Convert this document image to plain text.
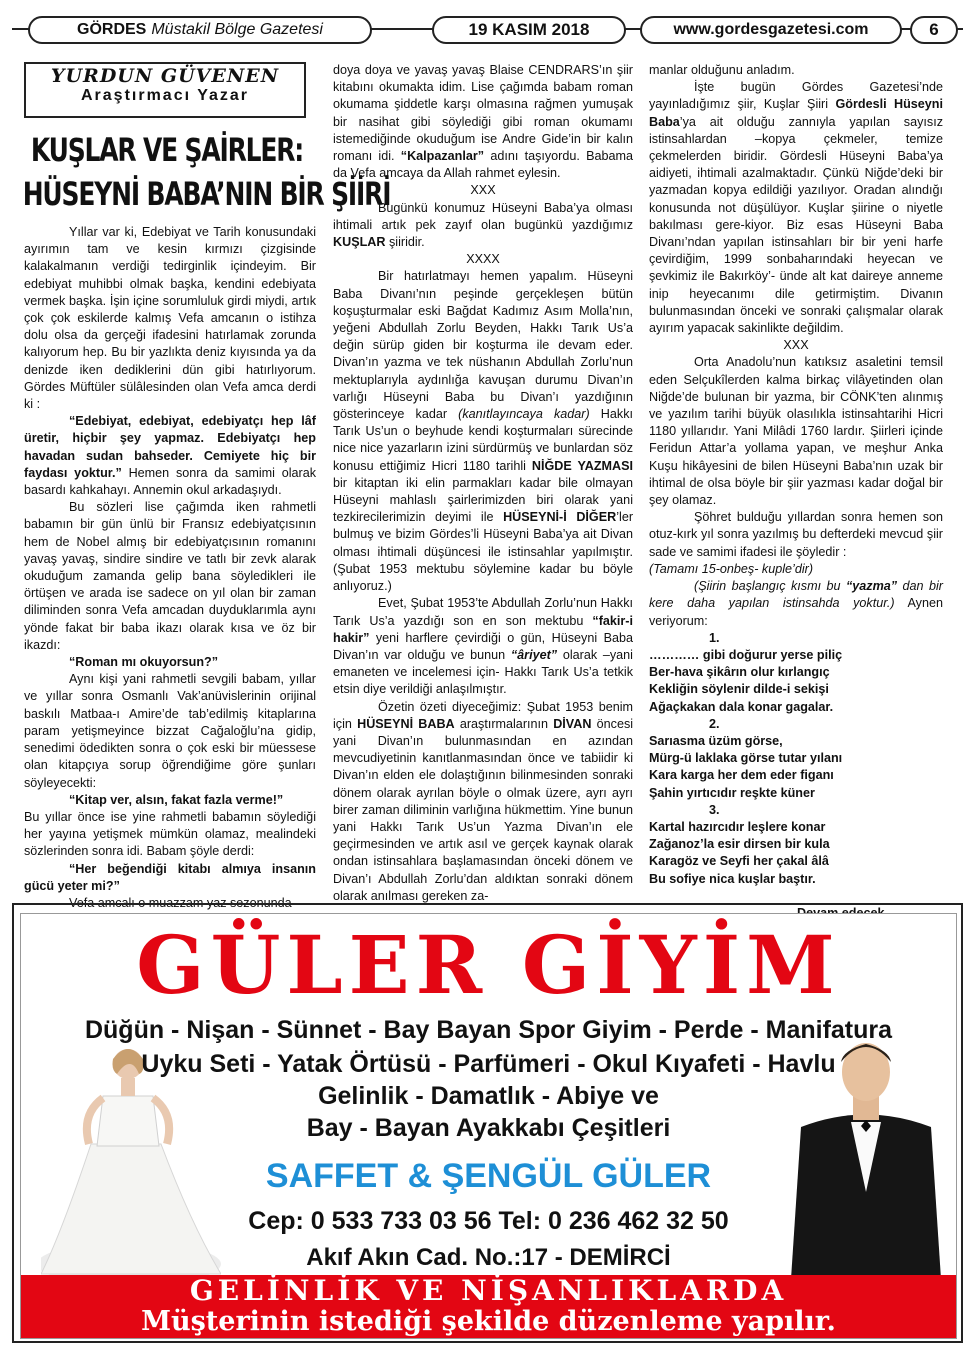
GÖRDES Müstakil Bölge Gazetesi	19 KASIM 2018	www.gordesgazetesi.com	6
YURDUN GÜVENEN
Araştırmacı Yazar
KUŞLAR VE ŞAİRLER:
HÜSEYNİ BABA’NIN BİR ŞİİRİ

Yıllar var ki, Edebiyat ve Tarih konusundaki ayırımın tam ve kesin kırmızı çizgisinde kalakalmanın verdiği tedirginlik içindeyim. Bir edebiyat muhibbi olmak başka, kendini edebiyata vermek başka. İşin içine sorumluluk girdi miydi, artık çok çok eskilerde kalmış Vefa amcanın o istihza dolu olsa da gerçeği ifadesini hatırlamak zorunda kalıyorum hep. Bu bir yazlıkta deniz kıyısında ya da denizde iken dediklerini dün gibi hatırlıyorum. Gördes Müftüler sülâlesinden olan Vefa amca derdi ki :

“Edebiyat, edebiyat, edebiyatçı hep lâf üretir, hiçbir şey yapmaz. Edebiyatçı hep havadan sudan bahseder. Cemiyete hiç bir faydası yoktur.” Hemen sonra da samimi olarak basardı kahkahayı. Annemin okul arkadaşıydı.

Bu sözleri lise çağımda iken rahmetli babamın bir gün ünlü bir Fransız edebiyatçısının hem de Nobel almış bir edebiyatçısının romanını yavaş yavaş, sindire sindire ve tatlı bir zevk alarak okuduğum zamanda gelip bana söyledikleri ile örtüşen ve arada ise sadece on yıl olan bir zaman diliminden sonra Vefa amcadan duyduklarımla aynı yönde fakat bir baba ikazı olarak kısa ve öz bir ikazdı:

“Roman mı okuyorsun?”

Aynı kişi yani rahmetli sevgili babam, yıllar ve yıllar sonra Osmanlı Vak’anüvislerinin orijinal baskılı Matbaa-ı Amire’de tab’edilmiş kitaplarına param yetişmeyince bizzat Cağaloğlu’na gidip, senedimi ödedikten sonra o çok eski bir müessese olan kitapçıya sorup öğrendiğime göre şunları söyleyecekti:

“Kitap ver, alsın, fakat fazla verme!”

Bu yıllar önce ise yine rahmetli babamın söylediği her yayına yetişmek mümkün olamaz, mealindeki sözlerinden sonra idi. Babam şöyle derdi:

“Her beğendiği kitabı almıya insanın gücü yeter mi?”

Vefa amcalı o muazzam yaz sezonunda

doya doya ve yavaş yavaş Blaise CENDRARS’ın şiir kitabını okumakta idim. Lise çağımda babam roman okumama şiddetle karşı olmasına rağmen yumuşak bir nasihat gibi söylediği gibi roman okumamı istemediğinde okuduğum ise Andre Gide’in bir kalın romanı idi. “Kalpazanlar” adını taşıyordu. Babama da Vefa amcaya da Allah rahmet eylesin.

XXX

Bugünkü konumuz Hüseyni Baba’ya olması ihtimali artık pek zayıf olan bugünkü yazdığımız KUŞLAR şiiridir.

XXXX

Bir hatırlatmayı hemen yapalım. Hüseyni Baba Divanı’nın peşinde gerçekleşen bütün koşuşturmalar eski Bağdat Kadımız Asım Molla’nın, yeğeni Abdullah Zorlu Beyden, Hakkı Tarık Us’a değin sürüp giden bir koşturma ile devam eder. Divan’ın yazma ve tek nüshanın Abdullah Zorlu’nun mektuplarıyla aydınlığa kavuşan durumu Divan’ın varlığı Hüseyni Baba bu Divan’ı yazdığının gösterinceye kadar (kanıtlayıncaya kadar) Hakkı Tarık Us’un o beyhude kendi koşturmaları sürecinde nice nice yazarların izini sürdürmüş ve bunlardan söz konusu ettiğimiz Hicri 1180 tarihli NİĞDE YAZMASI bir kitaptan iki elin parmakları kadar bile olmayan Hüseyni mahlaslı şairlerimizden biri olarak yani tezkirecilerimizin deyimi ile HÜSEYNİ-İ DİĞER’ler bulmuş ve bizim Gördes’li Hüseyni Baba’ya ait Divan olması ihtimali düşüncesi ile istinsahlar yapılmıştır. (Şubat 1953 mektubu söylemine kadar bu böyle anlıyoruz.)

Evet, Şubat 1953’te Abdullah Zorlu’nun Hakkı Tarık Us’a yazdığı son en son mektubu “fakir-i hakir” yeni harflere çevirdiği o gün, Hüseyni Baba Divan’ın var olduğu ve bunun “âriyet” olarak –yani emaneten ve incelemesi için- Hakkı Tarık Us’a tetkik etsin diye verildiği anlaşılmıştır.

Özetin özeti diyeceğimiz: Şubat 1953 benim için HÜSEYNİ BABA araştırmalarının DİVAN öncesi yani Divan’ın bulunmasından en azından mevcudiyetinin kanıtlanmasından önce ve tabiidir ki Divan’ın elden ele dolaştığının bilinmesinden sonraki dönem olarak ayrılan böyle o olmak üzere, ayrı ayrı birer zaman diliminin varlığına hükmettim. Yine bunun yani Hakkı Tarık Us’un Yazma Divan’ın ele geçirmesinden ve artık asıl ve gerçek kaynak olarak ondan istinsahlara başlamasından önceki dönem ve Divan’ı Abdullah Zorlu’dan aldıktan sonraki dönem olarak anılması gereken za-

manlar olduğunu anladım.

İşte bugün Gördes Gazetesi’nde yayınladığımız şiir, Kuşlar Şiiri Gördesli Hüseyni Baba’ya ait olduğu zannıyla yapılan sayısız istinsahlardan –kopya çekmeler, temize çekmelerden biridir. Gördesli Hüseyni Baba’ya aidiyeti, ihtimali azalmaktadır. Çünkü Niğde’deki bir yazmadan kopya edildiği yazılıyor. Oradan alındığı konusunda not düşülüyor. Kuşlar şiirine o niyetle bakılması gere-kiyor. Biz esas Hüseyni Baba Divanı’ndan yapılan istinsahları bir bir yeni harfe çevirdiğim, 1999 sonbaharındaki heyecan ve şevkimiz ile Bakırköy’- ünde alt kat daireye anneme inip heyecanımı dile getirmiştim. Divanın bulunmasından önceki ve sonraki çalışmalar olarak ayırım yapacak sakinlikte değildim.

XXX

Orta Anadolu’nun katıksız asaletini temsil eden Selçukîlerden kalma birkaç vilâyetinden olan Niğde’de bulunan bir yazma, bir CÖNK’ten alınmış ve yazılım tarihi büyük olasılıkla istinsahtarihi Hicri 1180 yıllarıdır. Yani Milâdi 1760 lardır. Şiirleri içinde Feridun Attar’a yollama yapan, ve meşhur Anka Kuşu hikâyesini de bilen Hüseyni Baba’nın uzak bir ihtimal de olsa böyle bir şiir yazması kadar doğal bir şey olamaz.

Şöhret bulduğu yıllardan sonra hemen son otuz-kırk yıl sonra yazılmış bu defterdeki mevcud şiir sade ve samimi ifadesi ile şöyledir :

(Tamamı 15-onbeş- kuple’dir)

(Şiirin başlangıç kısmı bu “yazma” dan bir kere daha yapılan istinsahda yoktur.) Aynen veriyorum:

1.

………… gibi doğurur yerse piliç

Ber-hava şikârın olur kırlangıç

Kekliğin söylenir dilde-i sekişi

Ağaçkakan dala konar gagalar.

2.

Sarıasma üzüm görse,

Mürg-ü laklaka görse tutar yılanı

Kara karga her dem eder figanı

Şahin yırtıcıdır reşkte küner

3.

Kartal hazırcıdır leşlere konar

Zağanoz’la esir dirsen bir kula

Karagöz ve Seyfi her çakal âlâ

Bu sofiye nica kuşlar baştır.

GÜLER GİYİM
Düğün - Nişan - Sünnet - Bay Bayan Spor Giyim - Perde - Manifatura
Uyku Seti - Yatak Örtüsü - Parfümeri - Okul Kıyafeti - Havlu
Gelinlik - Damatlık - Abiye ve
Bay - Bayan Ayakkabı Çeşitleri
SAFFET & ŞENGÜL GÜLER
Cep: 0 533 733 03 56 Tel: 0 236 462 32 50
Akıf Akın Cad. No.:17 - DEMİRCİ
GELİNLİK VE NİŞANLIKLARDA
Müşterinin istediği şekilde düzenleme yapılır.
